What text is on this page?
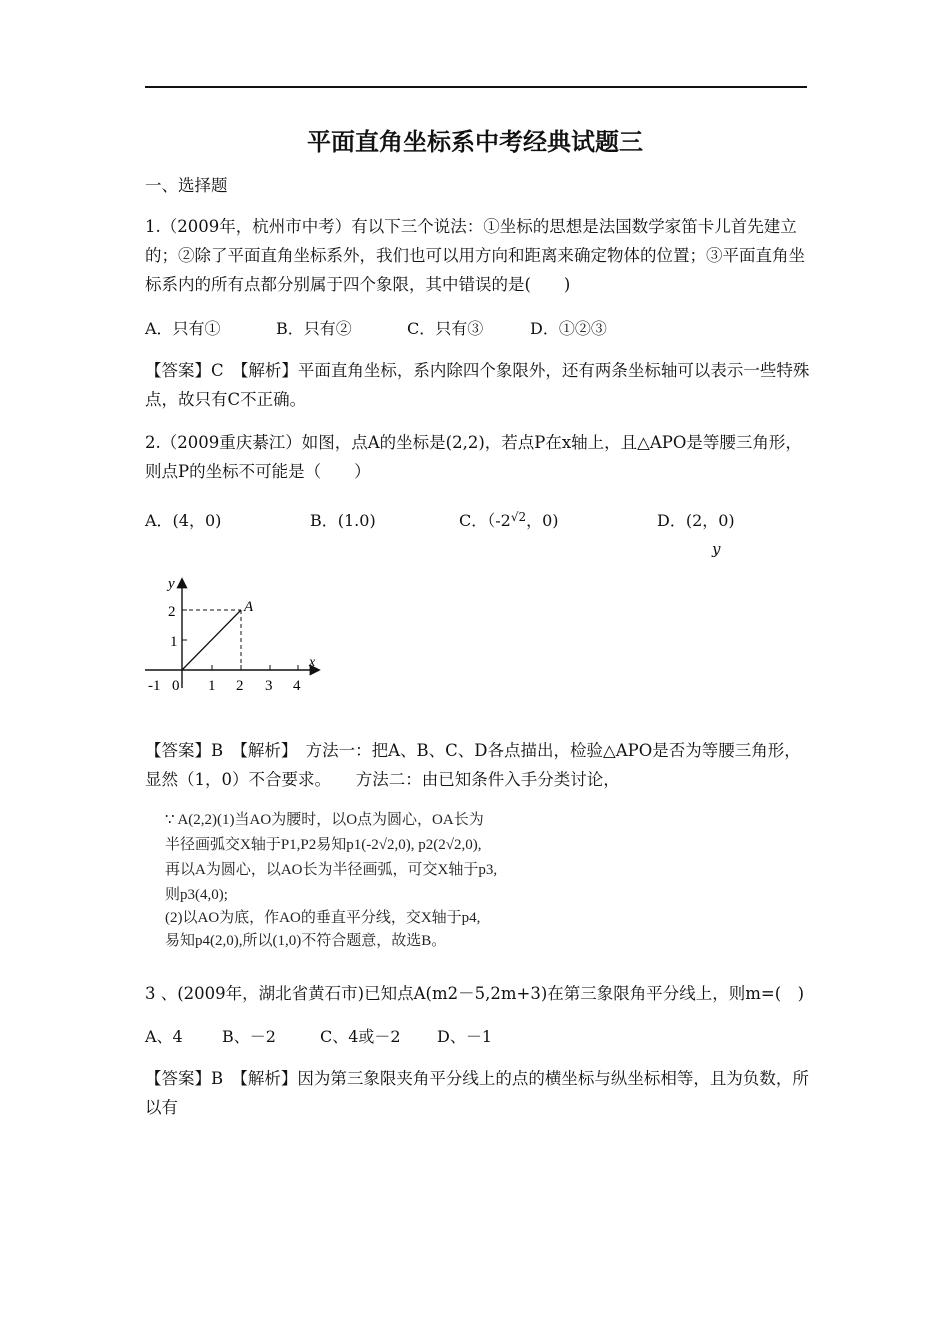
平面直角坐标系中考经典试题三
一、选择题
1.（2009年，杭州市中考）有以下三个说法：①坐标的思想是法国数学家笛卡儿首先建立的；②除了平面直角坐标系外，我们也可以用方向和距离来确定物体的位置；③平面直角坐标系内的所有点都分别属于四个象限，其中错误的是(　　)
A．只有①	B．只有②	C．只有③	D．①②③
【答案】C　【解析】平面直角坐标，系内除四个象限外，还有两条坐标轴可以表示一些特殊点，故只有C不正确。
2.（2009重庆綦江）如图，点A的坐标是(2,2)，若点P在x轴上，且△APO是等腰三角形，则点P的坐标不可能是（　　）
A．(4，0)	B．(1.0)	C．（$-2^{√2}$，0)	D．(2，0)
y
y
x
A
2
1
-1 0 1 2 3 4
【答案】B　【解析】　方法一：把A、B、C、D各点描出，检验△APO是否为等腰三角形，显然（1，0）不合要求。　　方法二：由已知条件入手分类讨论，
∵ A(2,2)(1)当AO为腰时，以O点为圆心，OA长为
半径画弧交X轴于P1,P2易知p1(-2√2,0), p2(2√2,0),
再以A为圆心，以AO长为半径画弧，可交X轴于p3,
则p3(4,0);
(2)以AO为底，作AO的垂直平分线，交X轴于p4,
易知p4(2,0),所以(1,0)不符合题意，故选B。
3 、(2009年，湖北省黄石市)已知点A(m2－5,2m+3)在第三象限角平分线上，则m=(　)
A、4 B、－2	C、4或－2 D、－1
【答案】B　【解析】因为第三象限夹角平分线上的点的横坐标与纵坐标相等，且为负数，所以有
